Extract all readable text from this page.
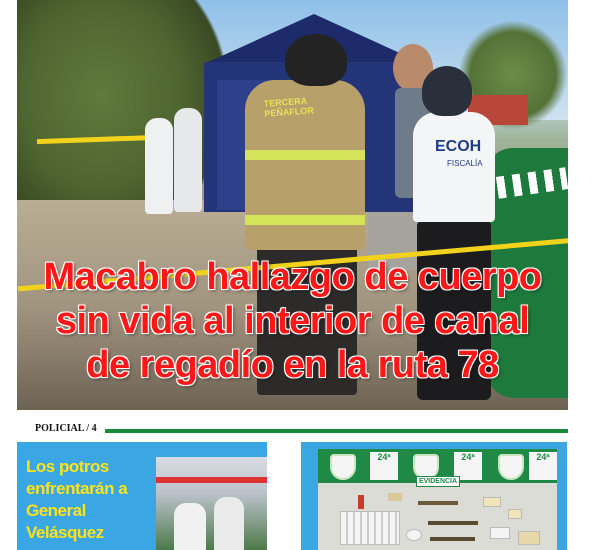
ECOH
FISCALÍA
TERCERA
PEÑAFLOR
Macabro hallazgo de cuerpo
sin vida al interior de canal
de regadío en la ruta 78
POLICIAL / 4
Los potros
enfrentarán a
General
Velásquez
24ª	24ª	24ª
EVIDENCIA
